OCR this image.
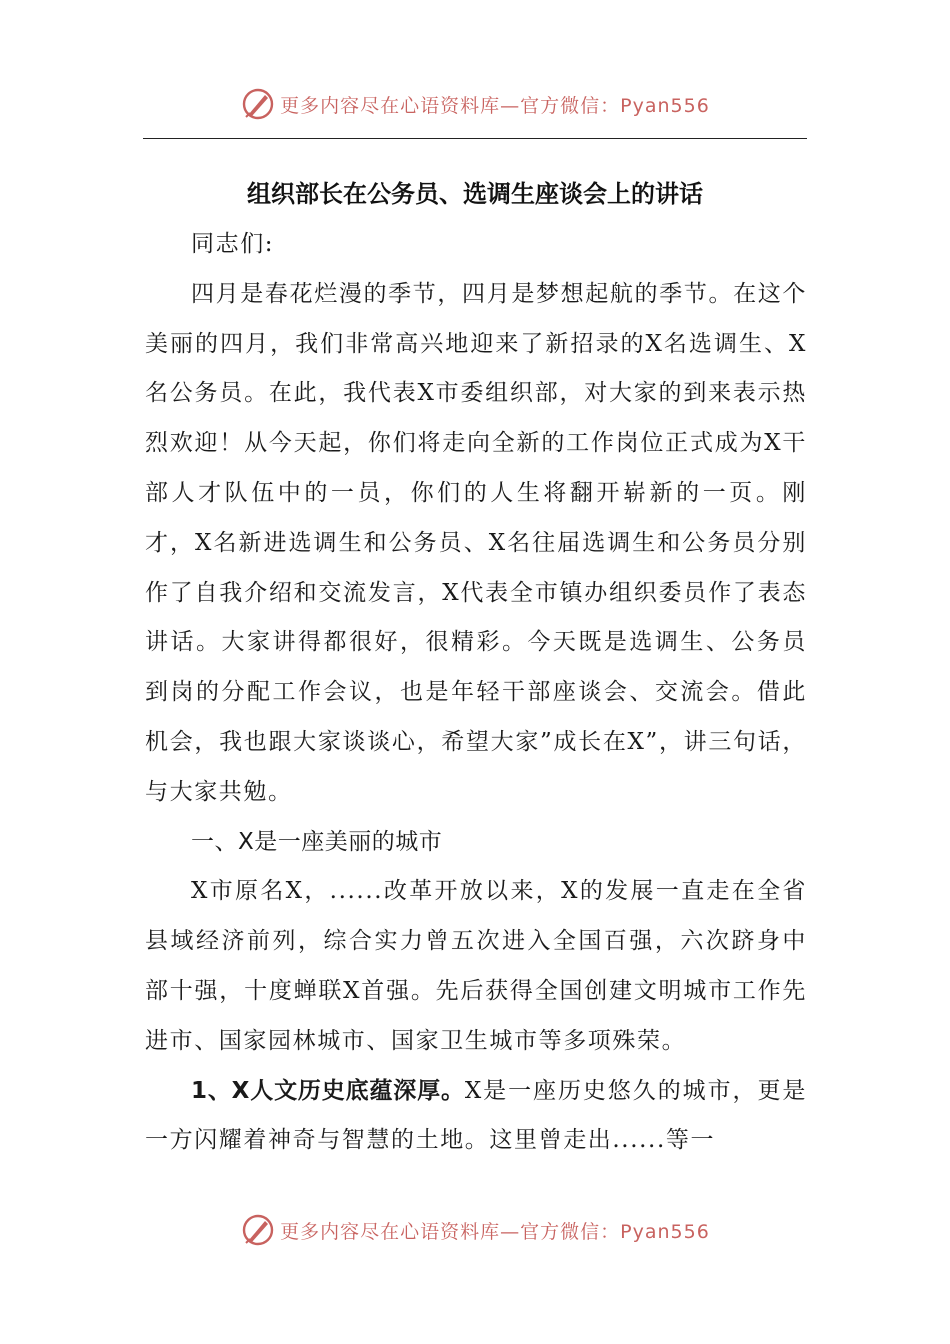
更多内容尽在心语资料库—官方微信：Pyan556
组织部长在公务员、选调生座谈会上的讲话

同志们:

四月是春花烂漫的季节，四月是梦想起航的季节。在这个美丽的四月，我们非常高兴地迎来了新招录的X名选调生、X名公务员。在此，我代表X市委组织部，对大家的到来表示热烈欢迎！从今天起，你们将走向全新的工作岗位正式成为X干部人才队伍中的一员，你们的人生将翻开崭新的一页。刚才，X名新进选调生和公务员、X名往届选调生和公务员分别作了自我介绍和交流发言，X代表全市镇办组织委员作了表态讲话。大家讲得都很好，很精彩。今天既是选调生、公务员到岗的分配工作会议，也是年轻干部座谈会、交流会。借此机会，我也跟大家谈谈心，希望大家”成长在X”，讲三句话，与大家共勉。

一、X是一座美丽的城市

X市原名X，......改革开放以来，X的发展一直走在全省县域经济前列，综合实力曾五次进入全国百强，六次跻身中部十强，十度蝉联X首强。先后获得全国创建文明城市工作先进市、国家园林城市、国家卫生城市等多项殊荣。

1、X人文历史底蕴深厚。X是一座历史悠久的城市，更是一方闪耀着神奇与智慧的土地。这里曾走出......等一

更多内容尽在心语资料库—官方微信：Pyan556
